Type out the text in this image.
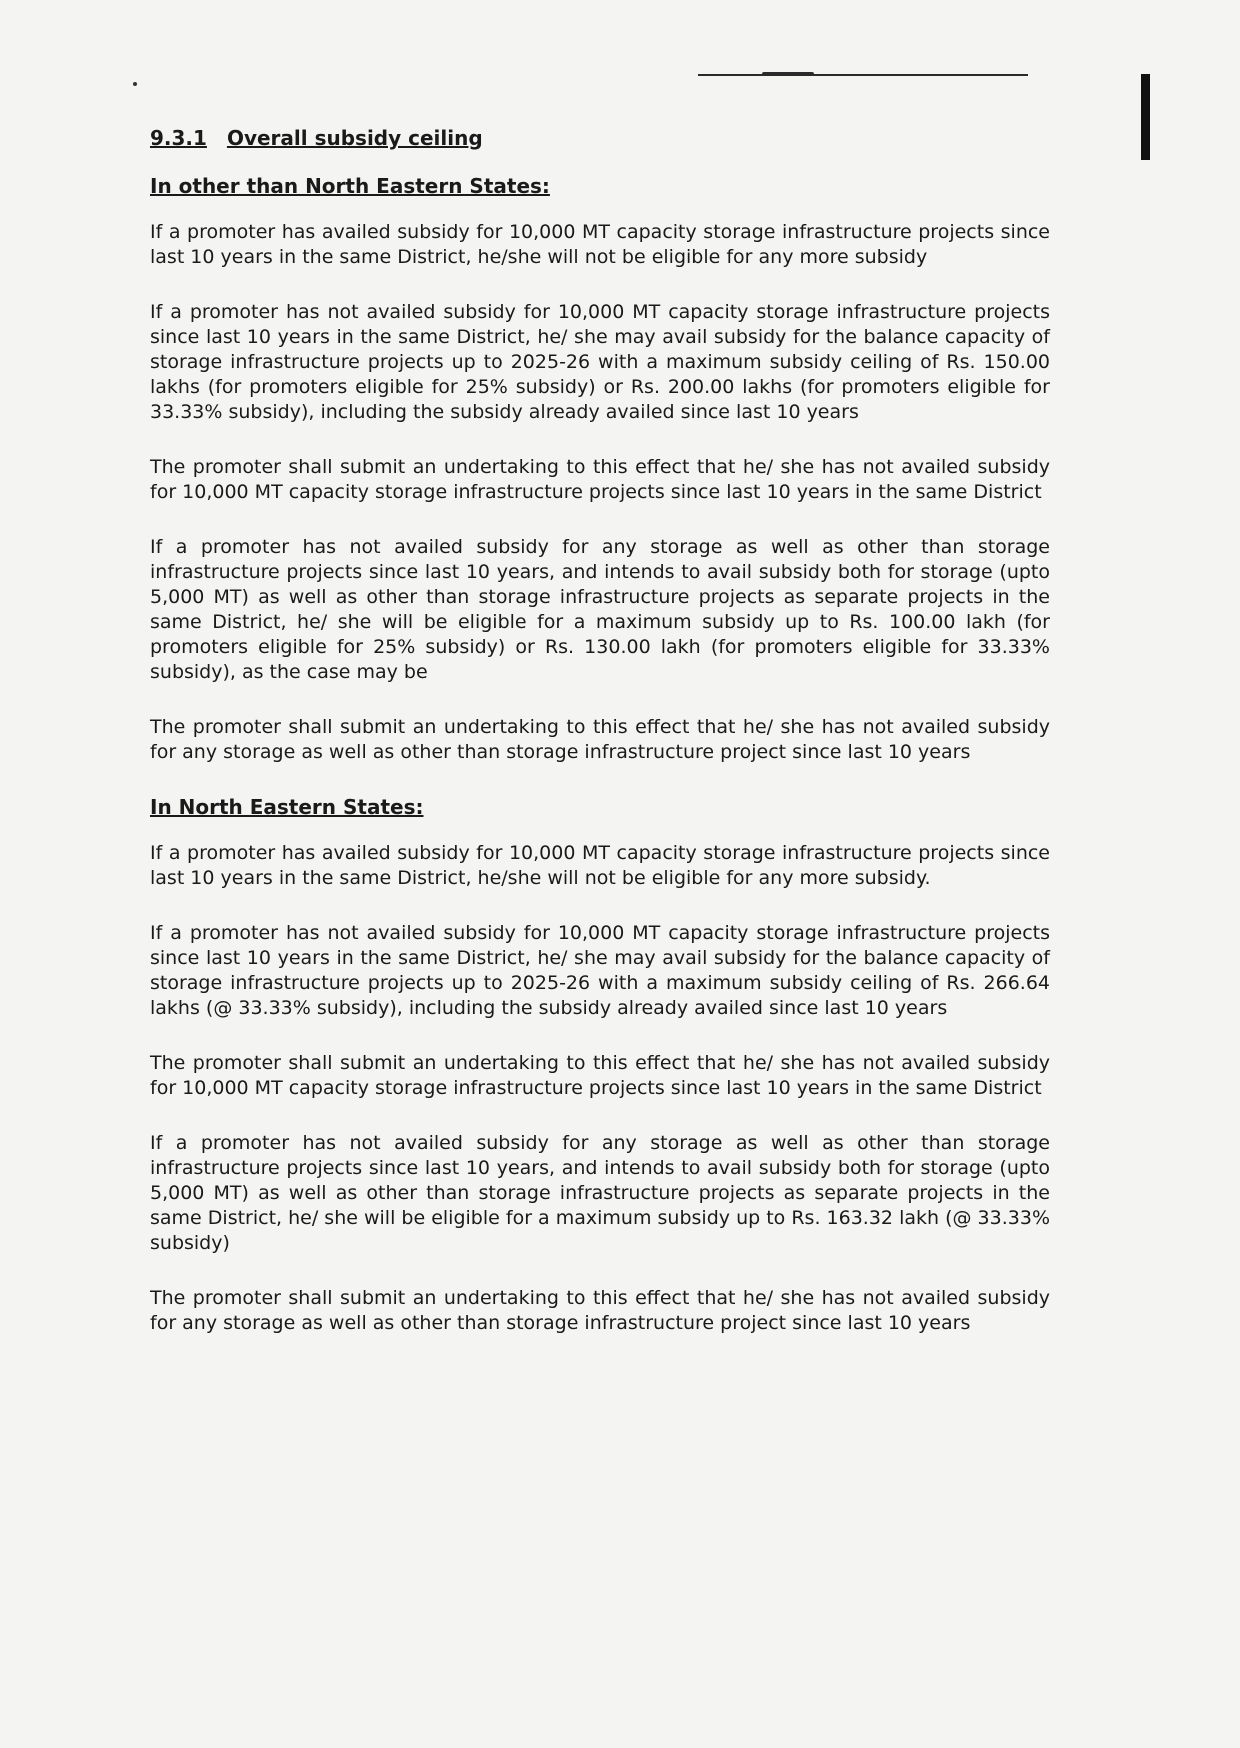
9.3.1 Overall subsidy ceiling
In other than North Eastern States:

If a promoter has availed subsidy for 10,000 MT capacity storage infrastructure projects since last 10 years in the same District, he/she will not be eligible for any more subsidy

If a promoter has not availed subsidy for 10,000 MT capacity storage infrastructure projects since last 10 years in the same District, he/ she may avail subsidy for the balance capacity of storage infrastructure projects up to 2025-26 with a maximum subsidy ceiling of Rs. 150.00 lakhs (for promoters eligible for 25% subsidy) or Rs. 200.00 lakhs (for promoters eligible for 33.33% subsidy), including the subsidy already availed since last 10 years

The promoter shall submit an undertaking to this effect that he/ she has not availed subsidy for 10,000 MT capacity storage infrastructure projects since last 10 years in the same District

If a promoter has not availed subsidy for any storage as well as other than storage infrastructure projects since last 10 years, and intends to avail subsidy both for storage (upto 5,000 MT) as well as other than storage infrastructure projects as separate projects in the same District, he/ she will be eligible for a maximum subsidy up to Rs. 100.00 lakh (for promoters eligible for 25% subsidy) or Rs. 130.00 lakh (for promoters eligible for 33.33% subsidy), as the case may be

The promoter shall submit an undertaking to this effect that he/ she has not availed subsidy for any storage as well as other than storage infrastructure project since last 10 years

In North Eastern States:

If a promoter has availed subsidy for 10,000 MT capacity storage infrastructure projects since last 10 years in the same District, he/she will not be eligible for any more subsidy.

If a promoter has not availed subsidy for 10,000 MT capacity storage infrastructure projects since last 10 years in the same District, he/ she may avail subsidy for the balance capacity of storage infrastructure projects up to 2025-26 with a maximum subsidy ceiling of Rs. 266.64 lakhs (@ 33.33% subsidy), including the subsidy already availed since last 10 years

The promoter shall submit an undertaking to this effect that he/ she has not availed subsidy for 10,000 MT capacity storage infrastructure projects since last 10 years in the same District

If a promoter has not availed subsidy for any storage as well as other than storage infrastructure projects since last 10 years, and intends to avail subsidy both for storage (upto 5,000 MT) as well as other than storage infrastructure projects as separate projects in the same District, he/ she will be eligible for a maximum subsidy up to Rs. 163.32 lakh (@ 33.33% subsidy)

The promoter shall submit an undertaking to this effect that he/ she has not availed subsidy for any storage as well as other than storage infrastructure project since last 10 years
